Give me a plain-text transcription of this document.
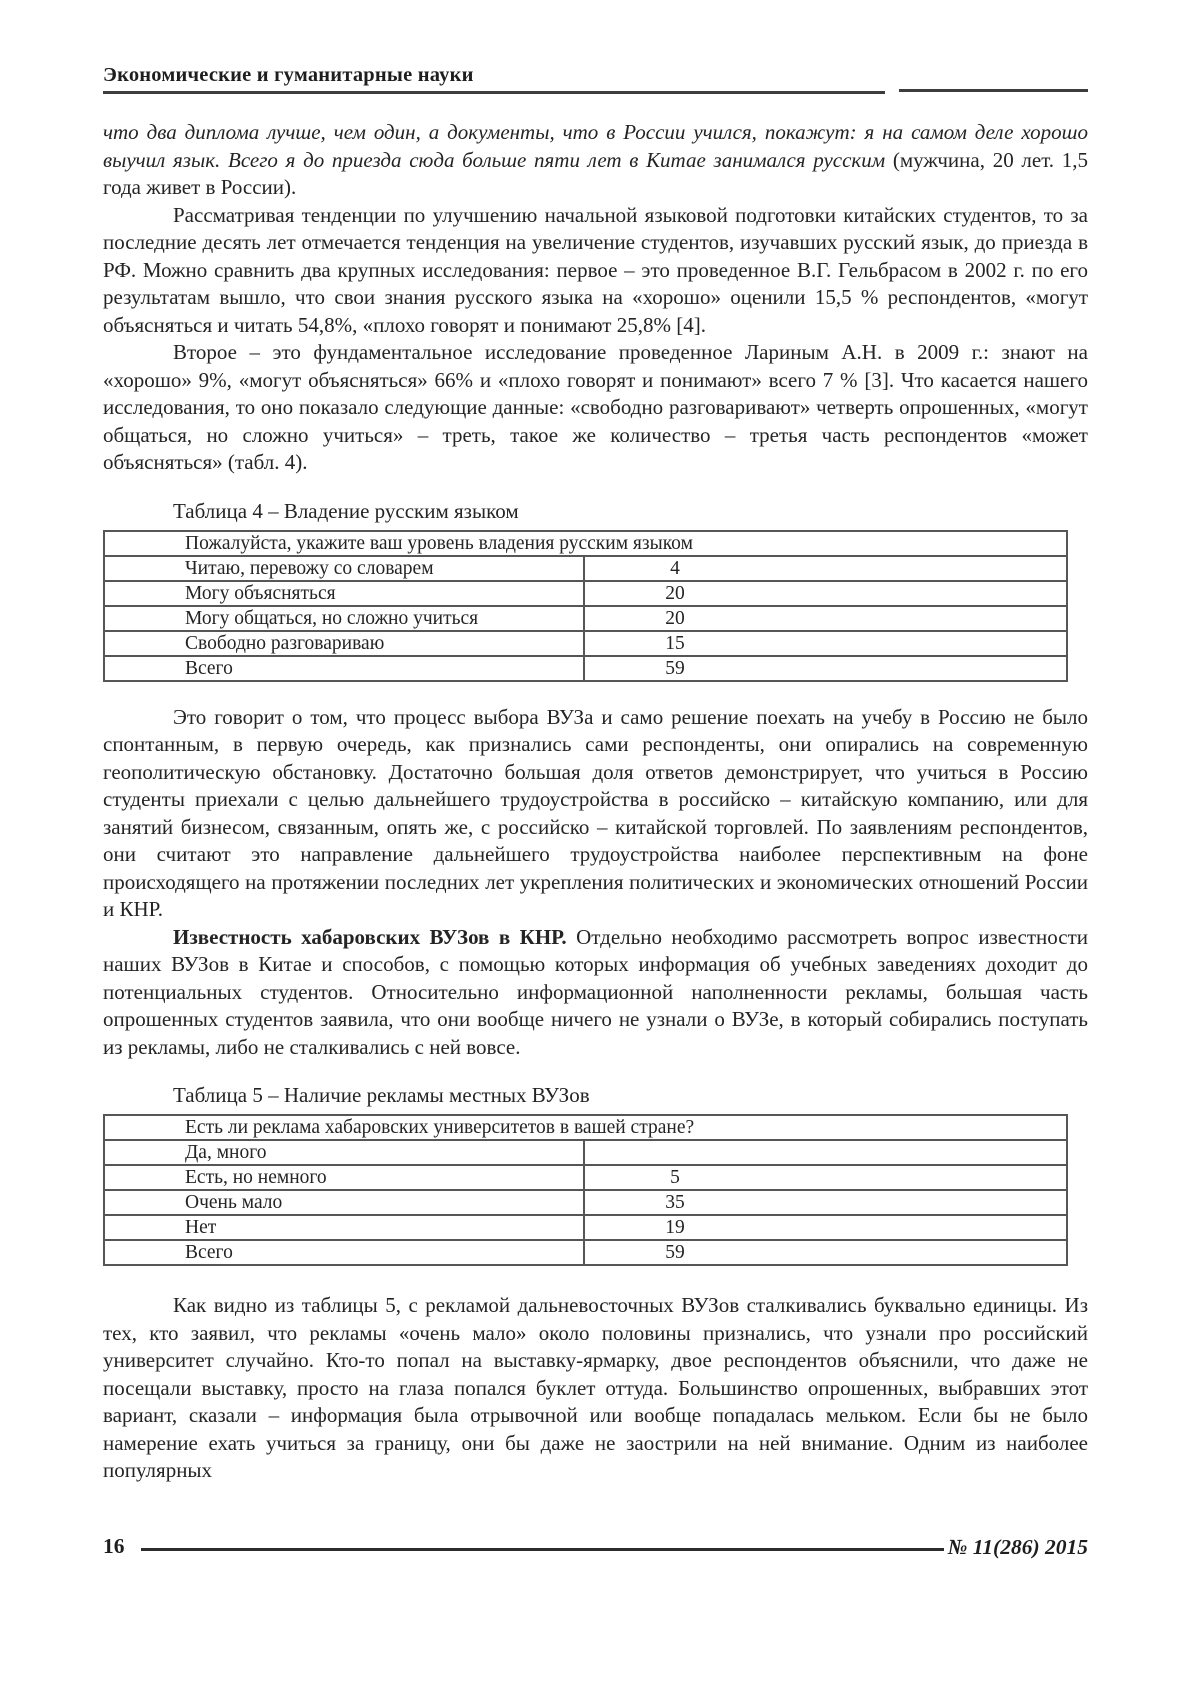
Экономические и гуманитарные науки

что два диплома лучше, чем один, а документы, что в России учился, покажут: я на самом деле хорошо выучил язык. Всего я до приезда сюда больше пяти лет в Китае занимался русским (мужчина, 20 лет. 1,5 года живет в России).

Рассматривая тенденции по улучшению начальной языковой подготовки китайских студентов, то за последние десять лет отмечается тенденция на увеличение студентов, изучавших русский язык, до приезда в РФ. Можно сравнить два крупных исследования: первое – это проведенное В.Г. Гельбрасом в 2002 г. по его результатам вышло, что свои знания русского языка на «хорошо» оценили 15,5 % респондентов, «могут объясняться и читать 54,8%, «плохо говорят и понимают 25,8% [4].

Второе – это фундаментальное исследование проведенное Лариным А.Н. в 2009 г.: знают на «хорошо» 9%, «могут объясняться» 66% и «плохо говорят и понимают» всего 7 % [3]. Что касается нашего исследования, то оно показало следующие данные: «свободно разговаривают» четверть опрошенных, «могут общаться, но сложно учиться» – треть, такое же количество – третья часть респондентов «может объясняться» (табл. 4).

Таблица 4 – Владение русским языком

Пожалуйста, укажите ваш уровень владения русским языком	
Читаю, перевожу со словарем	4

Могу объясняться	20

Могу общаться, но сложно учиться	20

Свободно разговариваю	15

Всего	59

Это говорит о том, что процесс выбора ВУЗа и само решение поехать на учебу в Россию не было спонтанным, в первую очередь, как признались сами респонденты, они опирались на современную геополитическую обстановку. Достаточно большая доля ответов демонстрирует, что учиться в Россию студенты приехали с целью дальнейшего трудоустройства в российско – китайскую компанию, или для занятий бизнесом, связанным, опять же, с российско – китайской торговлей. По заявлениям респондентов, они считают это направление дальнейшего трудоустройства наиболее перспективным на фоне происходящего на протяжении последних лет укрепления политических и экономических отношений России и КНР.

Известность хабаровских ВУЗов в КНР. Отдельно необходимо рассмотреть вопрос известности наших ВУЗов в Китае и способов, с помощью которых информация об учебных заведениях доходит до потенциальных студентов. Относительно информационной наполненности рекламы, большая часть опрошенных студентов заявила, что они вообще ничего не узнали о ВУЗе, в который собирались поступать из рекламы, либо не сталкивались с ней вовсе.

Таблица 5 – Наличие рекламы местных ВУЗов

Есть ли реклама хабаровских университетов в вашей стране?	
Да, много	

Есть, но немного	5

Очень мало	35

Нет	19

Всего	59

Как видно из таблицы 5, с рекламой дальневосточных ВУЗов сталкивались буквально единицы. Из тех, кто заявил, что рекламы «очень мало» около половины признались, что узнали про российский университет случайно. Кто-то попал на выставку-ярмарку, двое респондентов объяснили, что даже не посещали выставку, просто на глаза попался буклет оттуда. Большинство опрошенных, выбравших этот вариант, сказали – информация была отрывочной или вообще попадалась мельком. Если бы не было намерение ехать учиться за границу, они бы даже не заострили на ней внимание. Одним из наиболее популярных

16	№ 11(286) 2015
